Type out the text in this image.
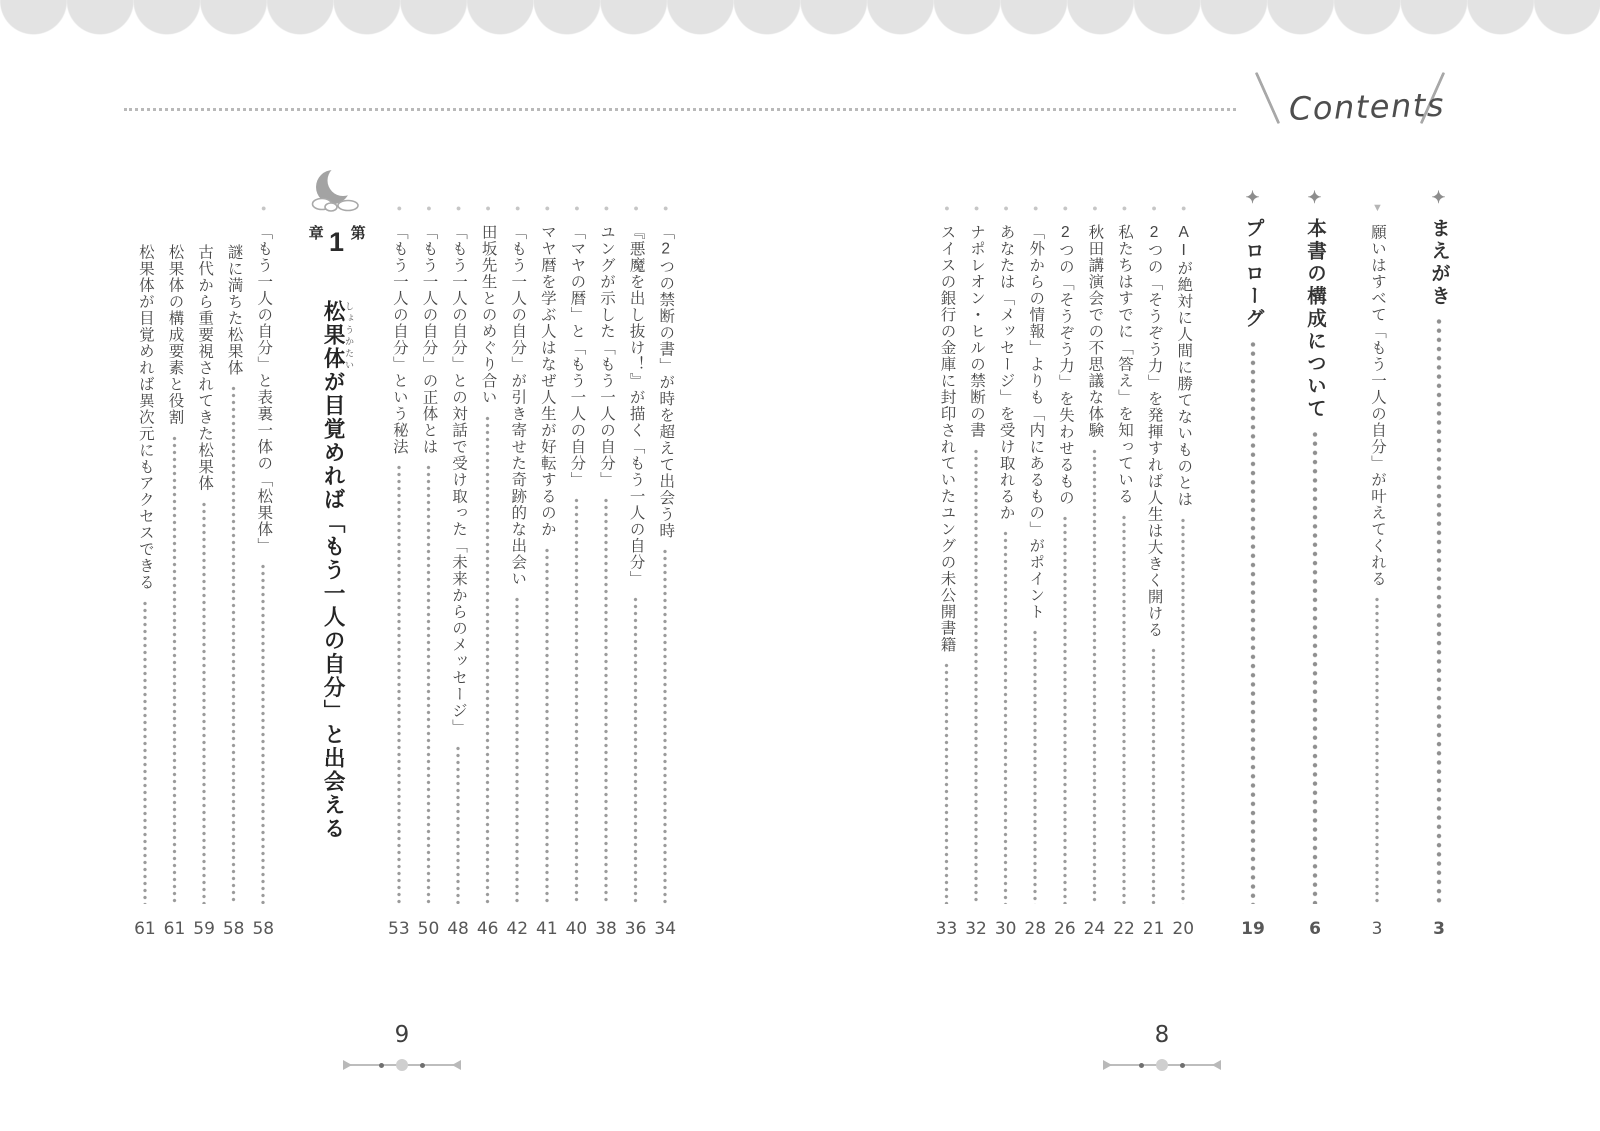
Contents
✦
まえがき
3
▼
願いはすべて「もう一人の自分」が叶えてくれる
3
✦
本書の構成について
6
✦
プロローグ
19
●
AIが絶対に人間に勝てないものとは
20
●
2つの「そうぞう力」を発揮すれば人生は大きく開ける
21
●
私たちはすでに「答え」を知っている
22
●
秋田講演会での不思議な体験
24
●
2つの「そうぞう力」を失わせるもの
26
●
「外からの情報」よりも「内にあるもの」がポイント
28
●
あなたは「メッセージ」を受け取れるか
30
●
ナポレオン・ヒルの禁断の書
32
●
スイスの銀行の金庫に封印されていたユングの未公開書籍
33
●
「2つの禁断の書」が時を超えて出会う時
34
●
『悪魔を出し抜け！』が描く「もう一人の自分」
36
●
ユングが示した「もう一人の自分」
38
●
「マヤの暦」と「もう一人の自分」
40
●
マヤ暦を学ぶ人はなぜ人生が好転するのか
41
●
「もう一人の自分」が引き寄せた奇跡的な出会い
42
●
田坂先生とのめぐり合い
46
●
「もう一人の自分」との対話で受け取った「未来からのメッセージ」
48
●
「もう一人の自分」の正体とは
50
●
「もう一人の自分」という秘法
53
第
1
章
松果 しょうか体 たいが目覚めれば「もう一人の自分」と出会える
●
「もう一人の自分」と表裏一体の「松果体」
58
謎に満ちた松果体
58
古代から重要視されてきた松果体
59
松果体の構成要素と役割
61
松果体が目覚めれば異次元にもアクセスできる
61
9	8
